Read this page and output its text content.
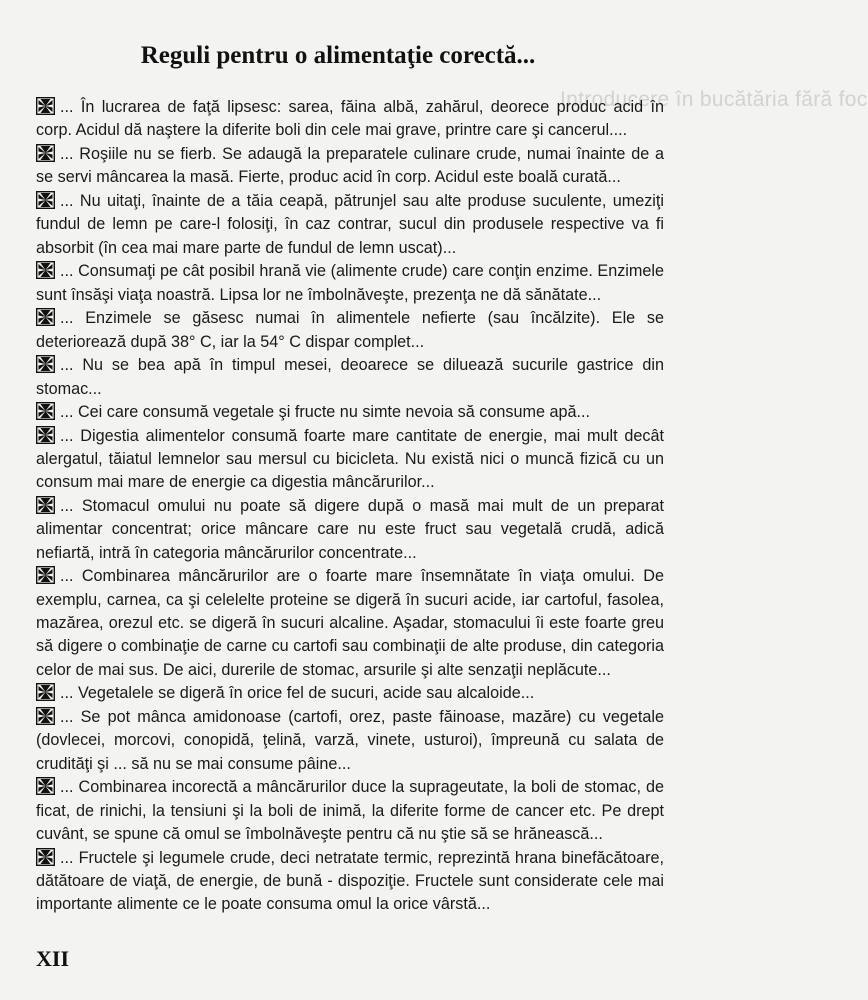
Introducere în bucătăria fără foc
Reguli pentru o alimentaţie corectă...

... În lucrarea de faţă lipsesc: sarea, făina albă, zahărul, deorece produc acid în corp. Acidul dă naştere la diferite boli din cele mai grave, printre care şi cancerul....

... Roşiile nu se fierb. Se adaugă la preparatele culinare crude, numai înainte de a se servi mâncarea la masă. Fierte, produc acid în corp. Acidul este boală curată...

... Nu uitaţi, înainte de a tăia ceapă, pătrunjel sau alte produse suculente, umeziţi fundul de lemn pe care-l folosiţi, în caz contrar, sucul din produsele respective va fi absorbit (în cea mai mare parte de fundul de lemn uscat)...

... Consumaţi pe cât posibil hrană vie (alimente crude) care conţin enzime. Enzimele sunt însăşi viaţa noastră. Lipsa lor ne îmbolnăveşte, prezenţa ne dă sănătate...

... Enzimele se găsesc numai în alimentele nefierte (sau încălzite). Ele se deteriorează după 38° C, iar la 54° C dispar complet...

... Nu se bea apă în timpul mesei, deoarece se diluează sucurile gastrice din stomac...

... Cei care consumă vegetale şi fructe nu simte nevoia să consume apă...

... Digestia alimentelor consumă foarte mare cantitate de energie, mai mult decât alergatul, tăiatul lemnelor sau mersul cu bicicleta. Nu există nici o muncă fizică cu un consum mai mare de energie ca digestia mâncărurilor...

... Stomacul omului nu poate să digere după o masă mai mult de un preparat alimentar concentrat; orice mâncare care nu este fruct sau vegetală crudă, adică nefiartă, intră în categoria mâncărurilor concentrate...

... Combinarea mâncărurilor are o foarte mare însemnătate în viaţa omului. De exemplu, carnea, ca şi celelelte proteine se digeră în sucuri acide, iar cartoful, fasolea, mazărea, orezul etc. se digeră în sucuri alcaline. Aşadar, stomacului îi este foarte greu să digere o combinaţie de carne cu cartofi sau combinaţii de alte produse, din categoria celor de mai sus. De aici, durerile de stomac, arsurile şi alte senzaţii neplăcute...

... Vegetalele se digeră în orice fel de sucuri, acide sau alcaloide...

... Se pot mânca amidonoase (cartofi, orez, paste făinoase, mazăre) cu vegetale (dovlecei, morcovi, conopidă, ţelină, varză, vinete, usturoi), împreună cu salata de crudităţi şi ... să nu se mai consume pâine...

... Combinarea incorectă a mâncărurilor duce la suprageutate, la boli de stomac, de ficat, de rinichi, la tensiuni şi la boli de inimă, la diferite forme de cancer etc. Pe drept cuvânt, se spune că omul se îmbolnăveşte pentru că nu ştie să se hrănească...

... Fructele şi legumele crude, deci netratate termic, reprezintă hrana binefăcătoare, dătătoare de viaţă, de energie, de bună - dispoziţie. Fructele sunt considerate cele mai importante alimente ce le poate consuma omul la orice vârstă...

XII
